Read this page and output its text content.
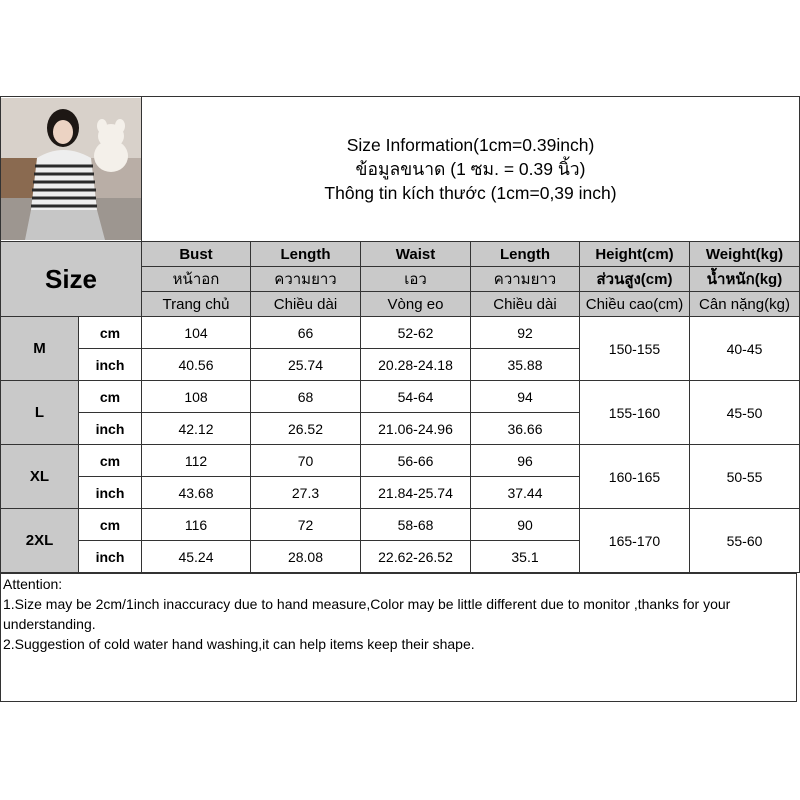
Size Information(1cm=0.39inch)
ข้อมูลขนาด (1 ซม. = 0.39 นิ้ว)
Thông tin kích thước (1cm=0,39 inch)					

Size		Bust	Length	Waist	Length	Height(cm)	Weight(kg)
		หน้าอก	ความยาว	เอว	ความยาว	ส่วนสูง(cm)	น้ำหนัก(kg)
		Trang chủ	Chiều dài	Vòng eo	Chiều dài	Chiều cao(cm)	Cân nặng(kg)
M	cm	104	66	52-62	92	150-155	40-45
	inch	40.56	25.74	20.28-24.18	35.88		
L	cm	108	68	54-64	94	155-160	45-50
	inch	42.12	26.52	21.06-24.96	36.66		
XL	cm	112	70	56-66	96	160-165	50-55
	inch	43.68	27.3	21.84-25.74	37.44		
2XL	cm	116	72	58-68	90	165-170	55-60
	inch	45.24	28.08	22.62-26.52	35.1		
Attention:
1.Size may be 2cm/1inch inaccuracy due to hand measure,Color may be little different due to monitor ,thanks for your understanding.
2.Suggestion of cold water hand washing,it can help items keep their shape.
